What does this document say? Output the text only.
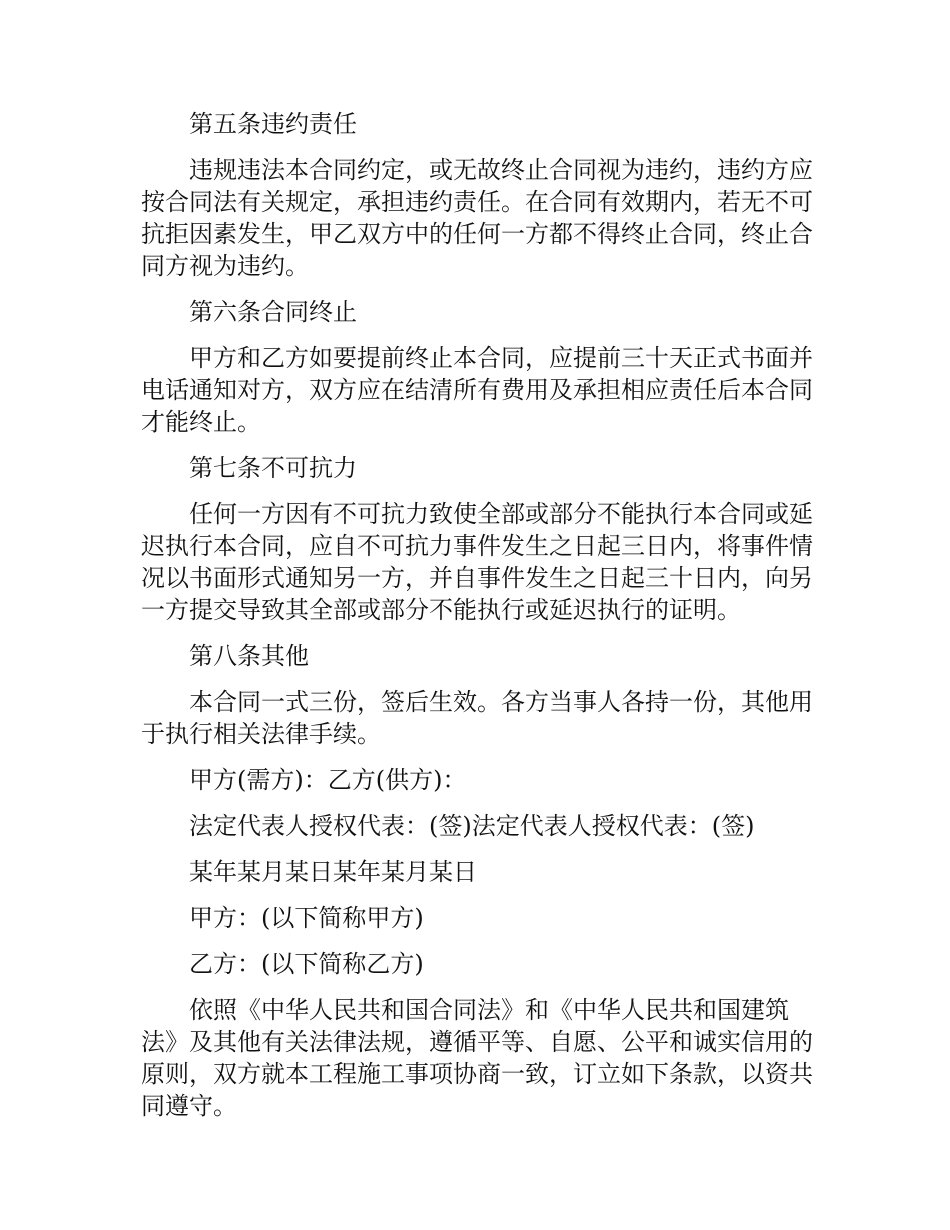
第五条违约责任

违规违法本合同约定，或无故终止合同视为违约，违约方应按合同法有关规定，承担违约责任。在合同有效期内，若无不可抗拒因素发生，甲乙双方中的任何一方都不得终止合同，终止合同方视为违约。

第六条合同终止

甲方和乙方如要提前终止本合同，应提前三十天正式书面并电话通知对方，双方应在结清所有费用及承担相应责任后本合同才能终止。

第七条不可抗力

任何一方因有不可抗力致使全部或部分不能执行本合同或延迟执行本合同，应自不可抗力事件发生之日起三日内，将事件情况以书面形式通知另一方，并自事件发生之日起三十日内，向另一方提交导致其全部或部分不能执行或延迟执行的证明。

第八条其他

本合同一式三份，签后生效。各方当事人各持一份，其他用于执行相关法律手续。

甲方(需方)：乙方(供方)：

法定代表人授权代表：(签)法定代表人授权代表：(签)

某年某月某日某年某月某日

甲方：(以下简称甲方)

乙方：(以下简称乙方)

依照《中华人民共和国合同法》和《中华人民共和国建筑法》及其他有关法律法规，遵循平等、自愿、公平和诚实信用的原则，双方就本工程施工事项协商一致，订立如下条款，以资共同遵守。
